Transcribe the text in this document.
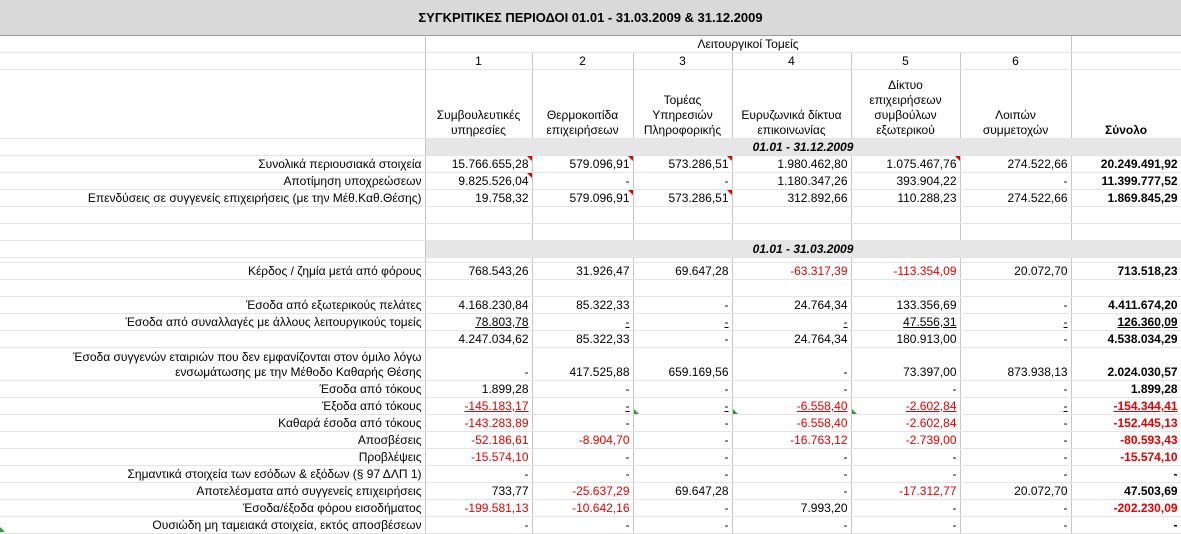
ΣΥΓΚΡΙΤΙΚΕΣ ΠΕΡΙΟΔΟΙ 01.01 - 31.03.2009 & 31.12.2009
	Λειτουργικοί Τομείς						
	1	2	3	4	5	6	
	Συμβουλευτικές υπηρεσίες	Θερμοκοιτίδα επιχειρήσεων	Τομέας Υπηρεσιών Πληροφορικής	Ευρυζωνικά δίκτυα επικοινωνίας	Δίκτυο επιχειρήσεων συμβούλων εξωτερικού	Λοιπών συμμετοχών	Σύνολο
	01.01 - 31.12.2009						
Συνολικά περιουσιακά στοιχεία	15.766.655,28	579.096,91	573.286,51	1.980.462,80	1.075.467,76	274.522,66	20.249.491,92
Αποτίμηση υποχρεώσεων	9.825.526,04	-	-	1.180.347,26	393.904,22	-	11.399.777,52
Επενδύσεις σε συγγενείς επιχειρήσεις (με την Μέθ.Καθ.Θέσης)	19.758,32	579.096,91	573.286,51	312.892,66	110.288,23	274.522,66	1.869.845,29

	01.01 - 31.03.2009						

Κέρδος / ζημία μετά από φόρους	768.543,26	31.926,47	69.647,28	-63.317,39	-113.354,09	20.072,70	713.518,23

Έσοδα από εξωτερικούς πελάτες	4.168.230,84	85.322,33	-	24.764,34	133.356,69	-	4.411.674,20
Έσοδα από συναλλαγές με άλλους λειτουργικούς τομείς	78.803,78	-	-	-	47.556,31	-	126.360,09
	4.247.034,62	85.322,33	-	24.764,34	180.913,00	-	4.538.034,29

Έσοδα συγγενών εταιριών που δεν εμφανίζονται στον όμιλο λόγω
ενσωμάτωσης με την Μέθοδο Καθαρής Θέσης	-	417.525,88	659.169,56	-	73.397,00	873.938,13	2.024.030,57
Έσοδα από τόκους	1.899,28	-	-	-	-	-	1.899,28
Έξοδα από τόκους	-145.183,17	-	-	-6.558,40	-2.602,84	-	-154.344,41
Καθαρά έσοδα από τόκους	-143.283,89	-	-	-6.558,40	-2.602,84	-	-152.445,13
Αποσβέσεις	-52.186,61	-8.904,70	-	-16.763,12	-2.739,00	-	-80.593,43
Προβλέψεις	-15.574,10	-	-	-	-	-	-15.574,10
Σημαντικά στοιχεία των εσόδων & εξόδων (§ 97 ΔΛΠ 1)	-	-	-	-	-	-	-
Αποτελέσματα από συγγενείς επιχειρήσεις	733,77	-25.637,29	69.647,28	-	-17.312,77	20.072,70	47.503,69
Έσοδα/έξοδα φόρου εισοδήματος	-199.581,13	-10.642,16	-	7.993,20	-	-	-202.230,09
Ουσιώδη μη ταμειακά στοιχεία, εκτός αποσβέσεων	-	-	-	-	-	-	-
